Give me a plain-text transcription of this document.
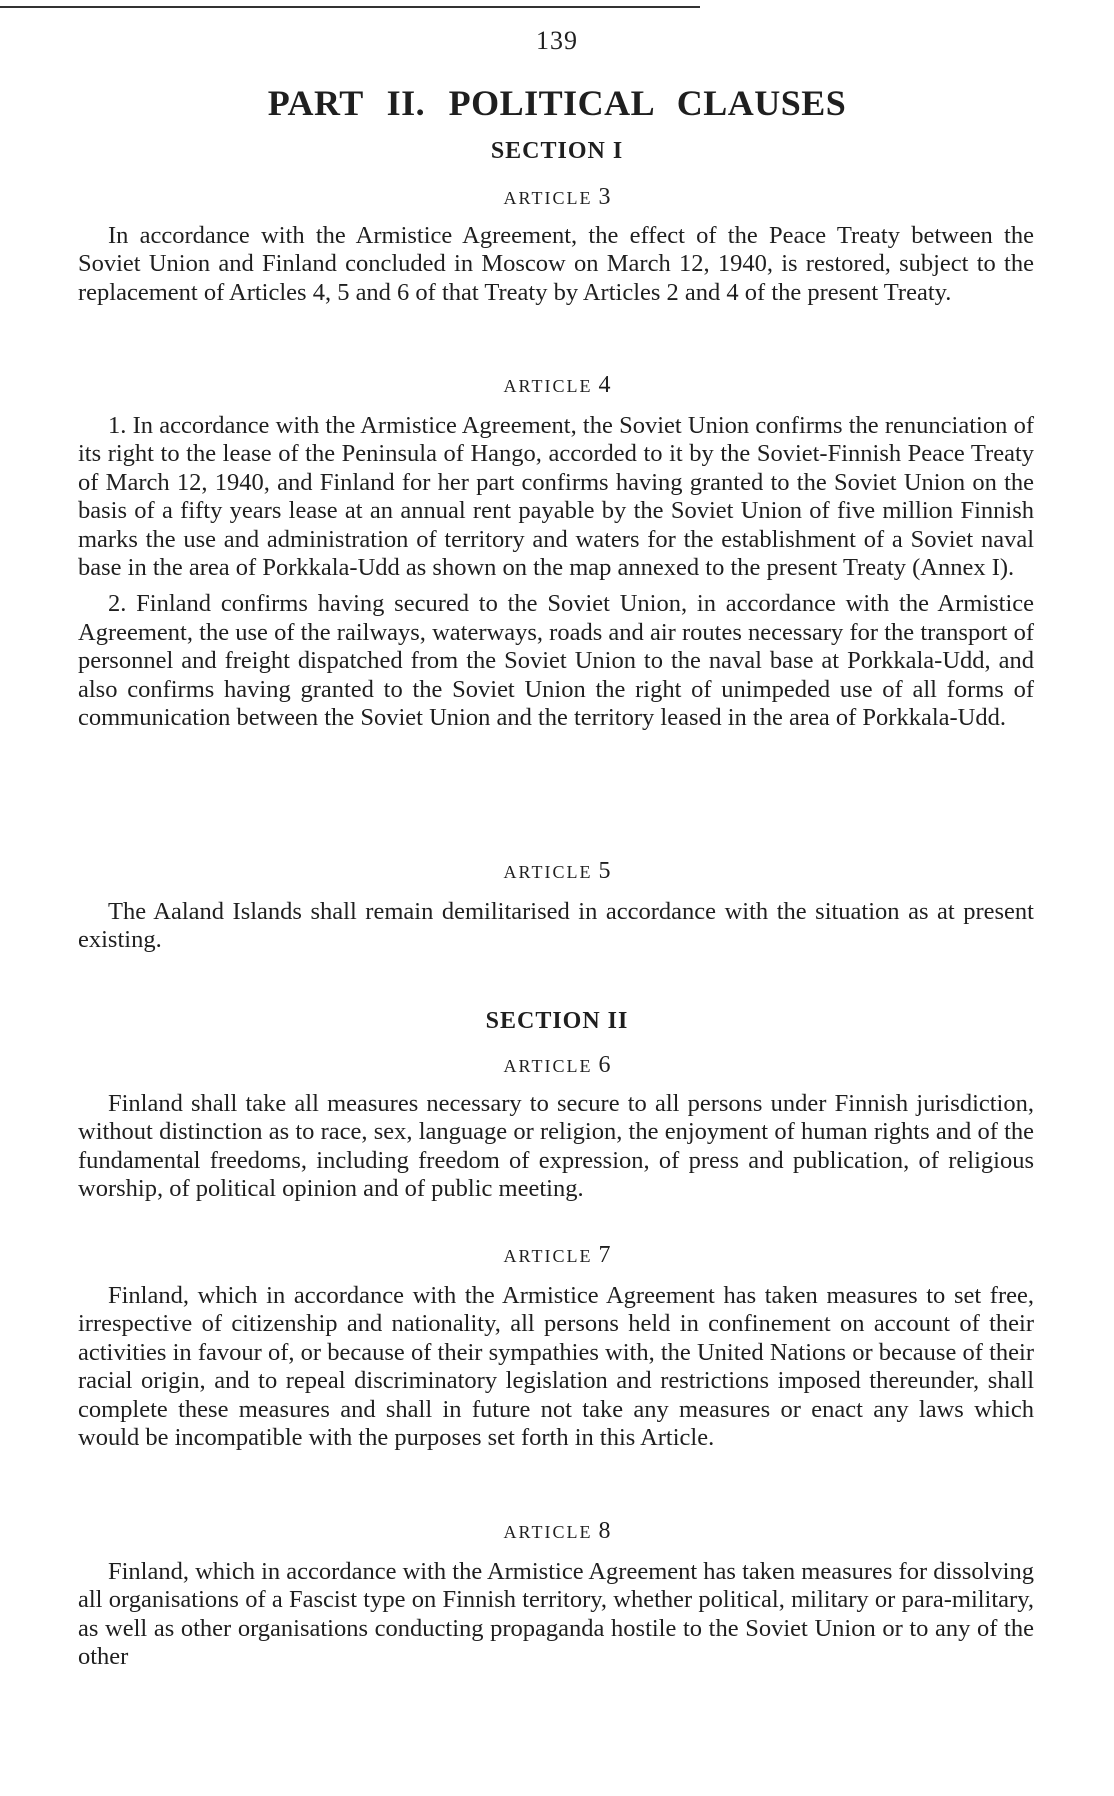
139
PART II. POLITICAL CLAUSES
SECTION I
ARTICLE 3

In accordance with the Armistice Agreement, the effect of the Peace Treaty between the Soviet Union and Finland concluded in Moscow on March 12, 1940, is restored, subject to the replacement of Articles 4, 5 and 6 of that Treaty by Articles 2 and 4 of the present Treaty.

ARTICLE 4

1. In accordance with the Armistice Agreement, the Soviet Union confirms the renunciation of its right to the lease of the Peninsula of Hango, accorded to it by the Soviet-Finnish Peace Treaty of March 12, 1940, and Finland for her part confirms having granted to the Soviet Union on the basis of a fifty years lease at an annual rent payable by the Soviet Union of five million Finnish marks the use and administration of territory and waters for the establishment of a Soviet naval base in the area of Porkkala-Udd as shown on the map annexed to the present Treaty (Annex I).

2. Finland confirms having secured to the Soviet Union, in accordance with the Armistice Agreement, the use of the railways, waterways, roads and air routes necessary for the transport of personnel and freight dispatched from the Soviet Union to the naval base at Porkkala-Udd, and also confirms having granted to the Soviet Union the right of unimpeded use of all forms of communication between the Soviet Union and the territory leased in the area of Porkkala-Udd.

ARTICLE 5

The Aaland Islands shall remain demilitarised in accordance with the situation as at present existing.

SECTION II
ARTICLE 6

Finland shall take all measures necessary to secure to all persons under Finnish jurisdiction, without distinction as to race, sex, language or religion, the enjoyment of human rights and of the fundamental freedoms, including freedom of expression, of press and publication, of religious worship, of political opinion and of public meeting.

ARTICLE 7

Finland, which in accordance with the Armistice Agreement has taken measures to set free, irrespective of citizenship and nationality, all persons held in confinement on account of their activities in favour of, or because of their sympathies with, the United Nations or because of their racial origin, and to repeal discriminatory legislation and restrictions imposed thereunder, shall complete these measures and shall in future not take any measures or enact any laws which would be incompatible with the purposes set forth in this Article.

ARTICLE 8

Finland, which in accordance with the Armistice Agreement has taken measures for dissolving all organisations of a Fascist type on Finnish territory, whether political, military or para-military, as well as other organisations conducting propaganda hostile to the Soviet Union or to any of the other
